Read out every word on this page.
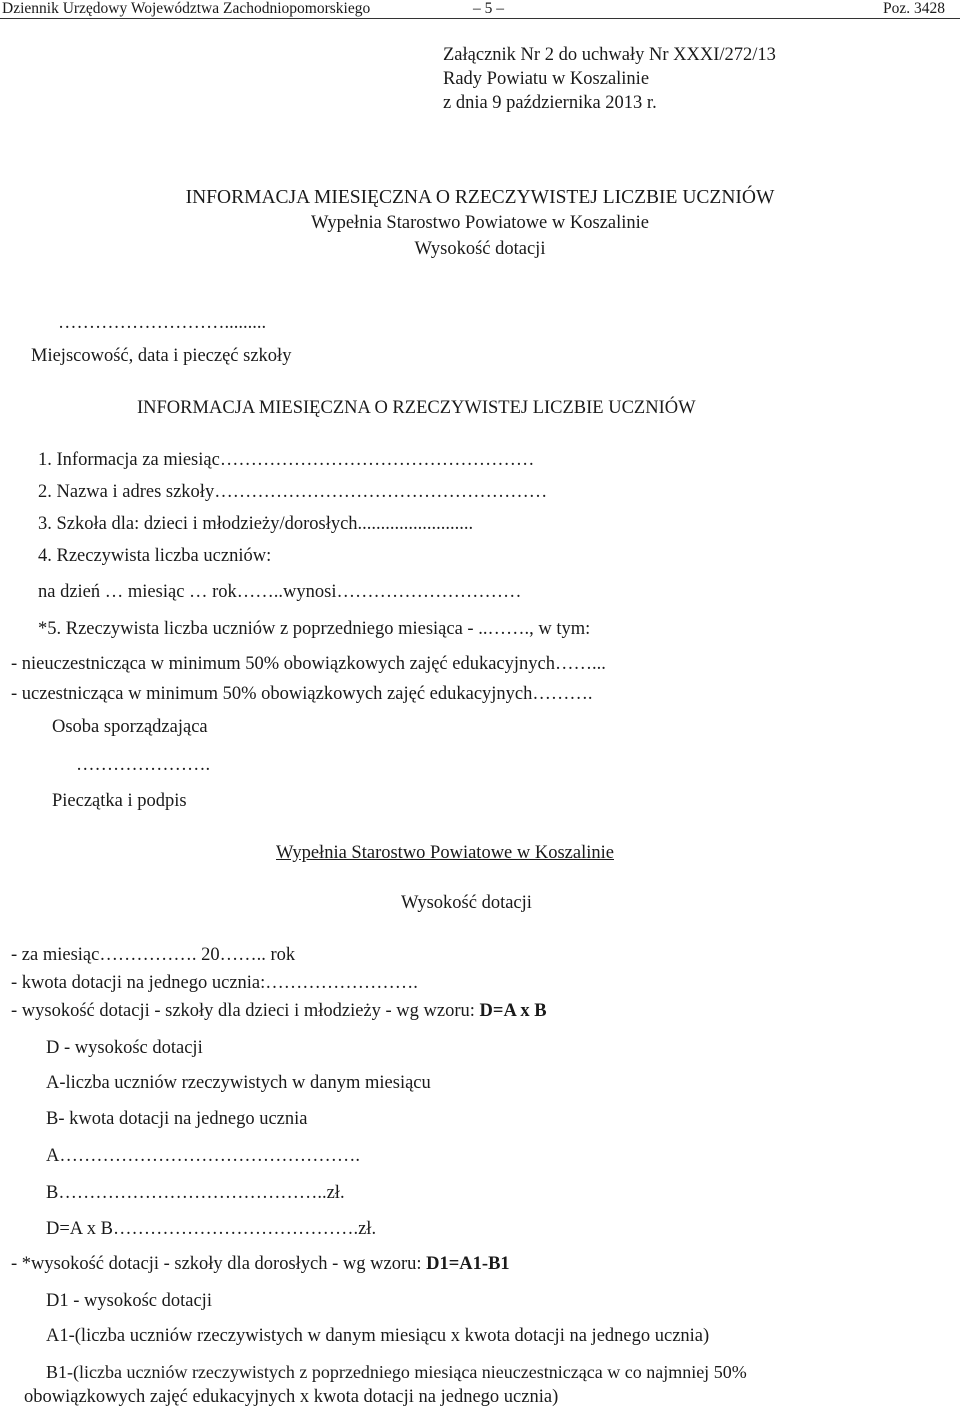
Dziennik Urzędowy Województwa Zachodniopomorskiego	– 5 –	Poz. 3428
Załącznik Nr 2 do uchwały Nr XXXI/272/13
Rady Powiatu w Koszalinie
z dnia 9 października 2013 r.
INFORMACJA MIESIĘCZNA O RZECZYWISTEJ LICZBIE UCZNIÓW
Wypełnia Starostwo Powiatowe w Koszalinie
Wysokość dotacji
……………………….........
Miejscowość, data i pieczęć szkoły
INFORMACJA MIESIĘCZNA O RZECZYWISTEJ LICZBIE UCZNIÓW
1. Informacja za miesiąc……………………………………………
2. Nazwa i adres szkoły………………………………………………
3. Szkoła dla: dzieci i młodzieży/dorosłych.........................
4. Rzeczywista liczba uczniów:
na dzień … miesiąc … rok……..wynosi…………………………
*5. Rzeczywista liczba uczniów z poprzedniego miesiąca - ..……., w tym:
- nieuczestnicząca w minimum 50% obowiązkowych zajęć edukacyjnych……...
- uczestnicząca w minimum 50% obowiązkowych zajęć edukacyjnych……….
Osoba sporządzająca
………………….
Pieczątka i podpis
Wypełnia Starostwo Powiatowe w Koszalinie
Wysokość dotacji
- za miesiąc……………. 20…….. rok
- kwota dotacji na jednego ucznia:…………………….
- wysokość dotacji - szkoły dla dzieci i młodzieży - wg wzoru: D=A x B
D - wysokośc dotacji
A-liczba uczniów rzeczywistych w danym miesiącu
B- kwota dotacji na jednego ucznia
A………………………………………….
B……………………………………..zł.
D=A x B………………………………….zł.
- *wysokość dotacji - szkoły dla dorosłych - wg wzoru: D1=A1-B1
D1 - wysokośc dotacji
A1-(liczba uczniów rzeczywistych w danym miesiącu x kwota dotacji na jednego ucznia)
B1-(liczba uczniów rzeczywistych z poprzedniego miesiąca nieuczestnicząca w co najmniej 50%
obowiązkowych zajęć edukacyjnych x kwota dotacji na jednego ucznia)
